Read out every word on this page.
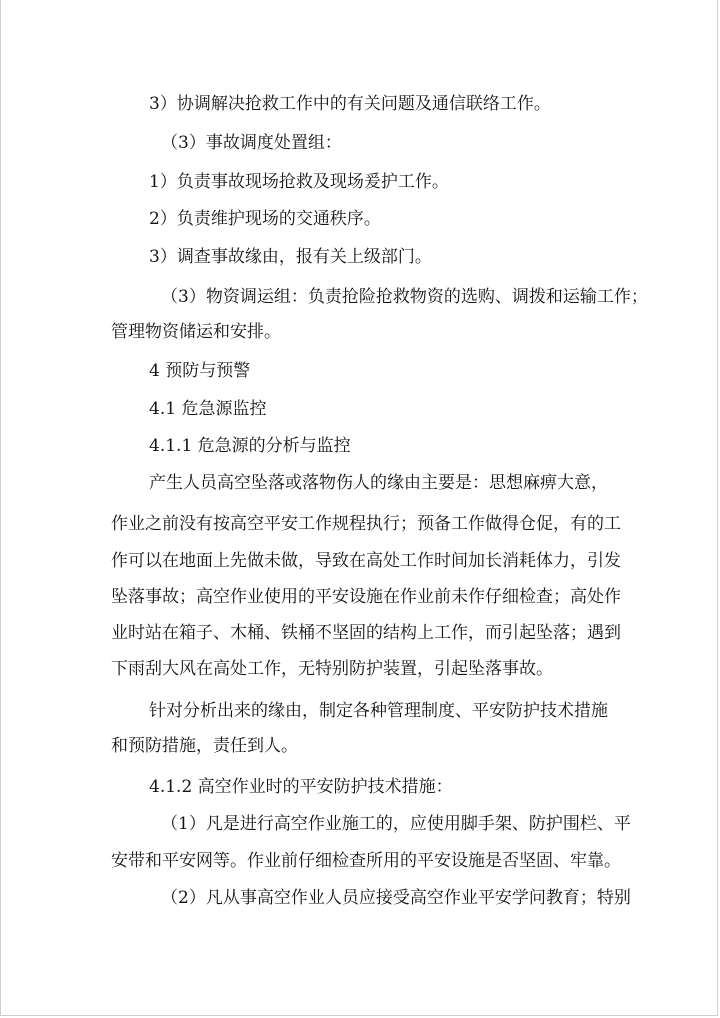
3）协调解决抢救工作中的有关问题及通信联络工作。
（3）事故调度处置组：
1）负责事故现场抢救及现场爰护工作。
2）负责维护现场的交通秩序。
3）调查事故缘由，报有关上级部门。
（3）物资调运组：负责抢险抢救物资的选购、调拨和运输工作；
管理物资储运和安排。
4 预防与预警
4.1 危急源监控
4.1.1 危急源的分析与监控
产生人员高空坠落或落物伤人的缘由主要是：思想麻痹大意，
作业之前没有按高空平安工作规程执行；预备工作做得仓促，有的工
作可以在地面上先做未做，导致在高处工作时间加长消耗体力，引发
坠落事故；高空作业使用的平安设施在作业前未作仔细检查；高处作
业时站在箱子、木桶、铁桶不坚固的结构上工作，而引起坠落；遇到
下雨刮大风在高处工作，无特别防护装置，引起坠落事故。
针对分析出来的缘由，制定各种管理制度、平安防护技术措施
和预防措施，责任到人。
4.1.2 高空作业时的平安防护技术措施：
（1）凡是进行高空作业施工的，应使用脚手架、防护围栏、平
安带和平安网等。作业前仔细检查所用的平安设施是否坚固、牢靠。
（2）凡从事高空作业人员应接受高空作业平安学问教育；特别
